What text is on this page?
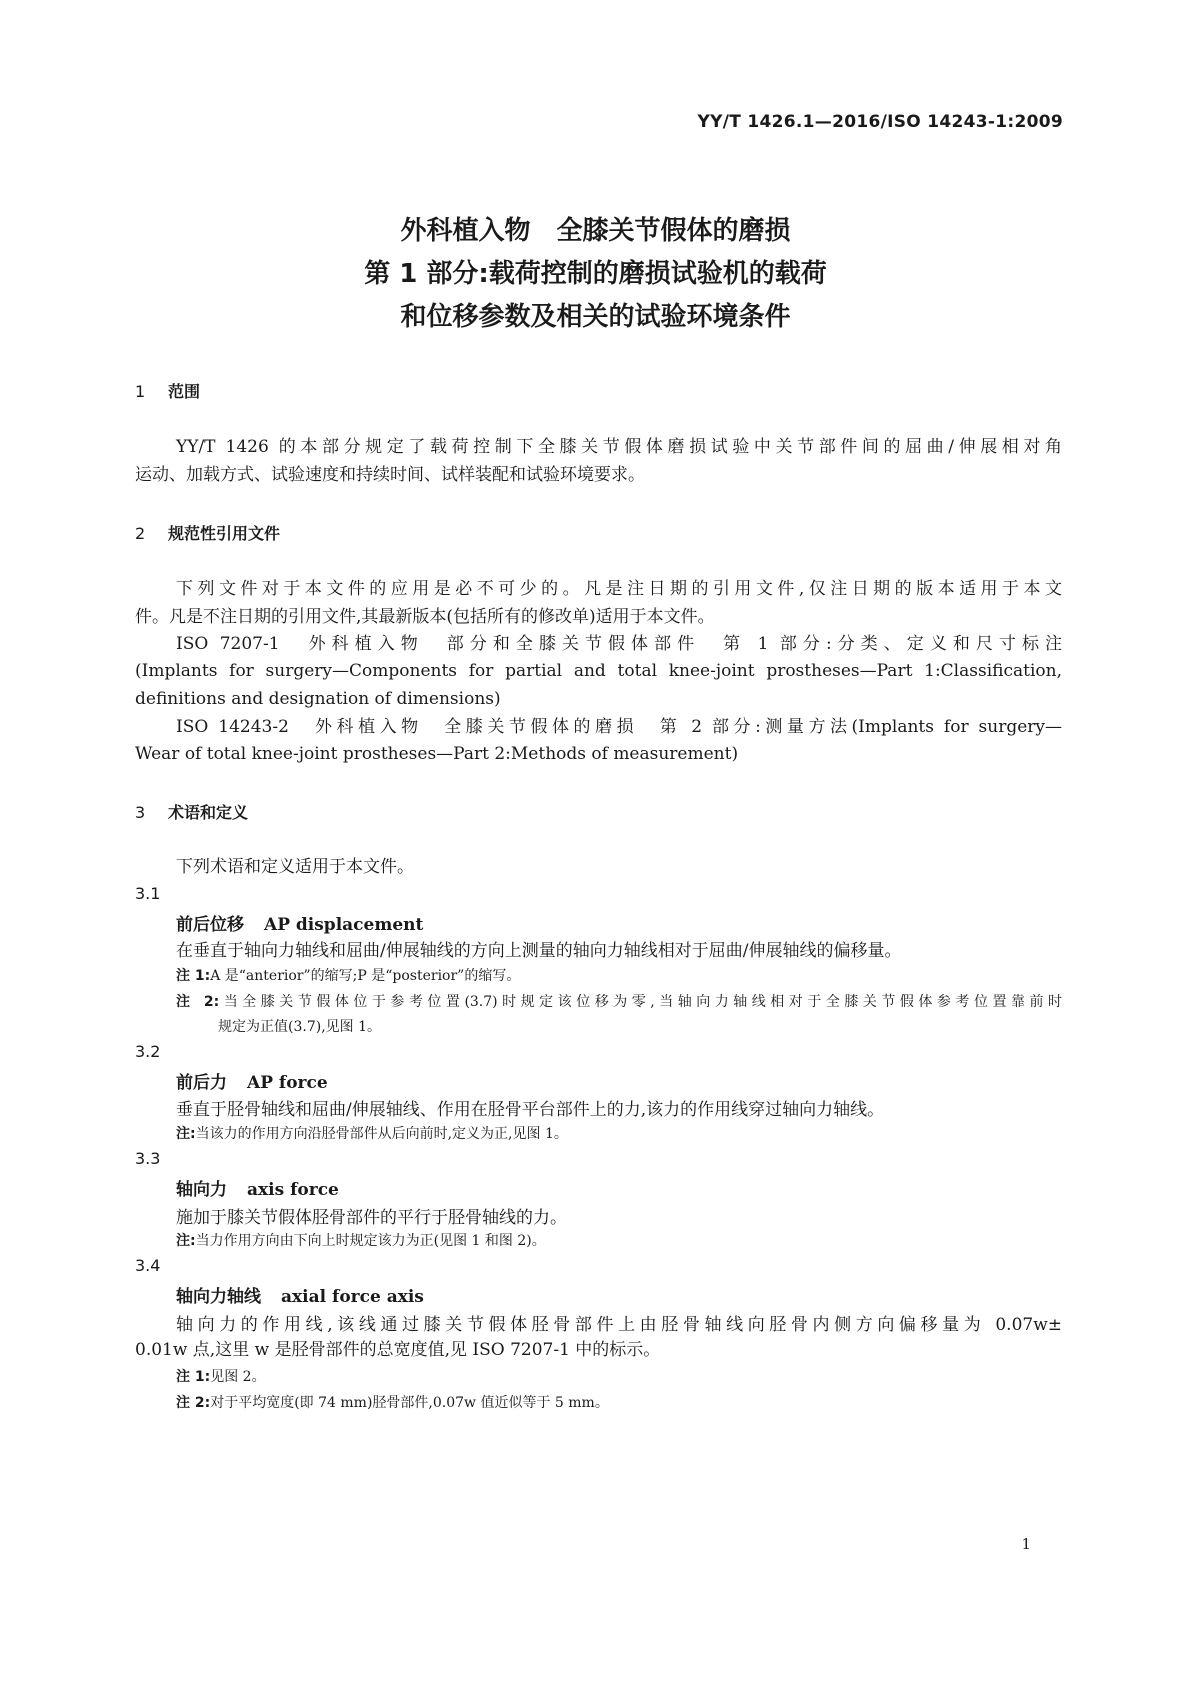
YY/T 1426.1—2016/ISO 14243-1:2009
外科植入物　全膝关节假体的磨损
第 1 部分:载荷控制的磨损试验机的载荷
和位移参数及相关的试验环境条件
1 范围
YY/T 1426 的本部分规定了载荷控制下全膝关节假体磨损试验中关节部件间的屈曲/伸展相对角
运动、加载方式、试验速度和持续时间、试样装配和试验环境要求。
2 规范性引用文件
下列文件对于本文件的应用是必不可少的。凡是注日期的引用文件,仅注日期的版本适用于本文
件。凡是不注日期的引用文件,其最新版本(包括所有的修改单)适用于本文件。
ISO 7207-1　外科植入物　部分和全膝关节假体部件　第 1 部分:分类、定义和尺寸标注
(Implants for surgery—Components for partial and total knee-joint prostheses—Part 1:Classification,
definitions and designation of dimensions)
ISO 14243-2　外科植入物　全膝关节假体的磨损　第 2 部分:测量方法(Implants for surgery—
Wear of total knee-joint prostheses—Part 2:Methods of measurement)
3 术语和定义
下列术语和定义适用于本文件。
3.1
前后位移 AP displacement
在垂直于轴向力轴线和屈曲/伸展轴线的方向上测量的轴向力轴线相对于屈曲/伸展轴线的偏移量。
注 1:A 是“anterior”的缩写;P 是“posterior”的缩写。
注 2:当全膝关节假体位于参考位置(3.7)时规定该位移为零,当轴向力轴线相对于全膝关节假体参考位置靠前时
规定为正值(3.7),见图 1。
3.2
前后力 AP force
垂直于胫骨轴线和屈曲/伸展轴线、作用在胫骨平台部件上的力,该力的作用线穿过轴向力轴线。
注:当该力的作用方向沿胫骨部件从后向前时,定义为正,见图 1。
3.3
轴向力 axis force
施加于膝关节假体胫骨部件的平行于胫骨轴线的力。
注:当力作用方向由下向上时规定该力为正(见图 1 和图 2)。
3.4
轴向力轴线 axial force axis
轴向力的作用线,该线通过膝关节假体胫骨部件上由胫骨轴线向胫骨内侧方向偏移量为 0.07w±
0.01w 点,这里 w 是胫骨部件的总宽度值,见 ISO 7207-1 中的标示。
注 1:见图 2。
注 2:对于平均宽度(即 74 mm)胫骨部件,0.07w 值近似等于 5 mm。
1
